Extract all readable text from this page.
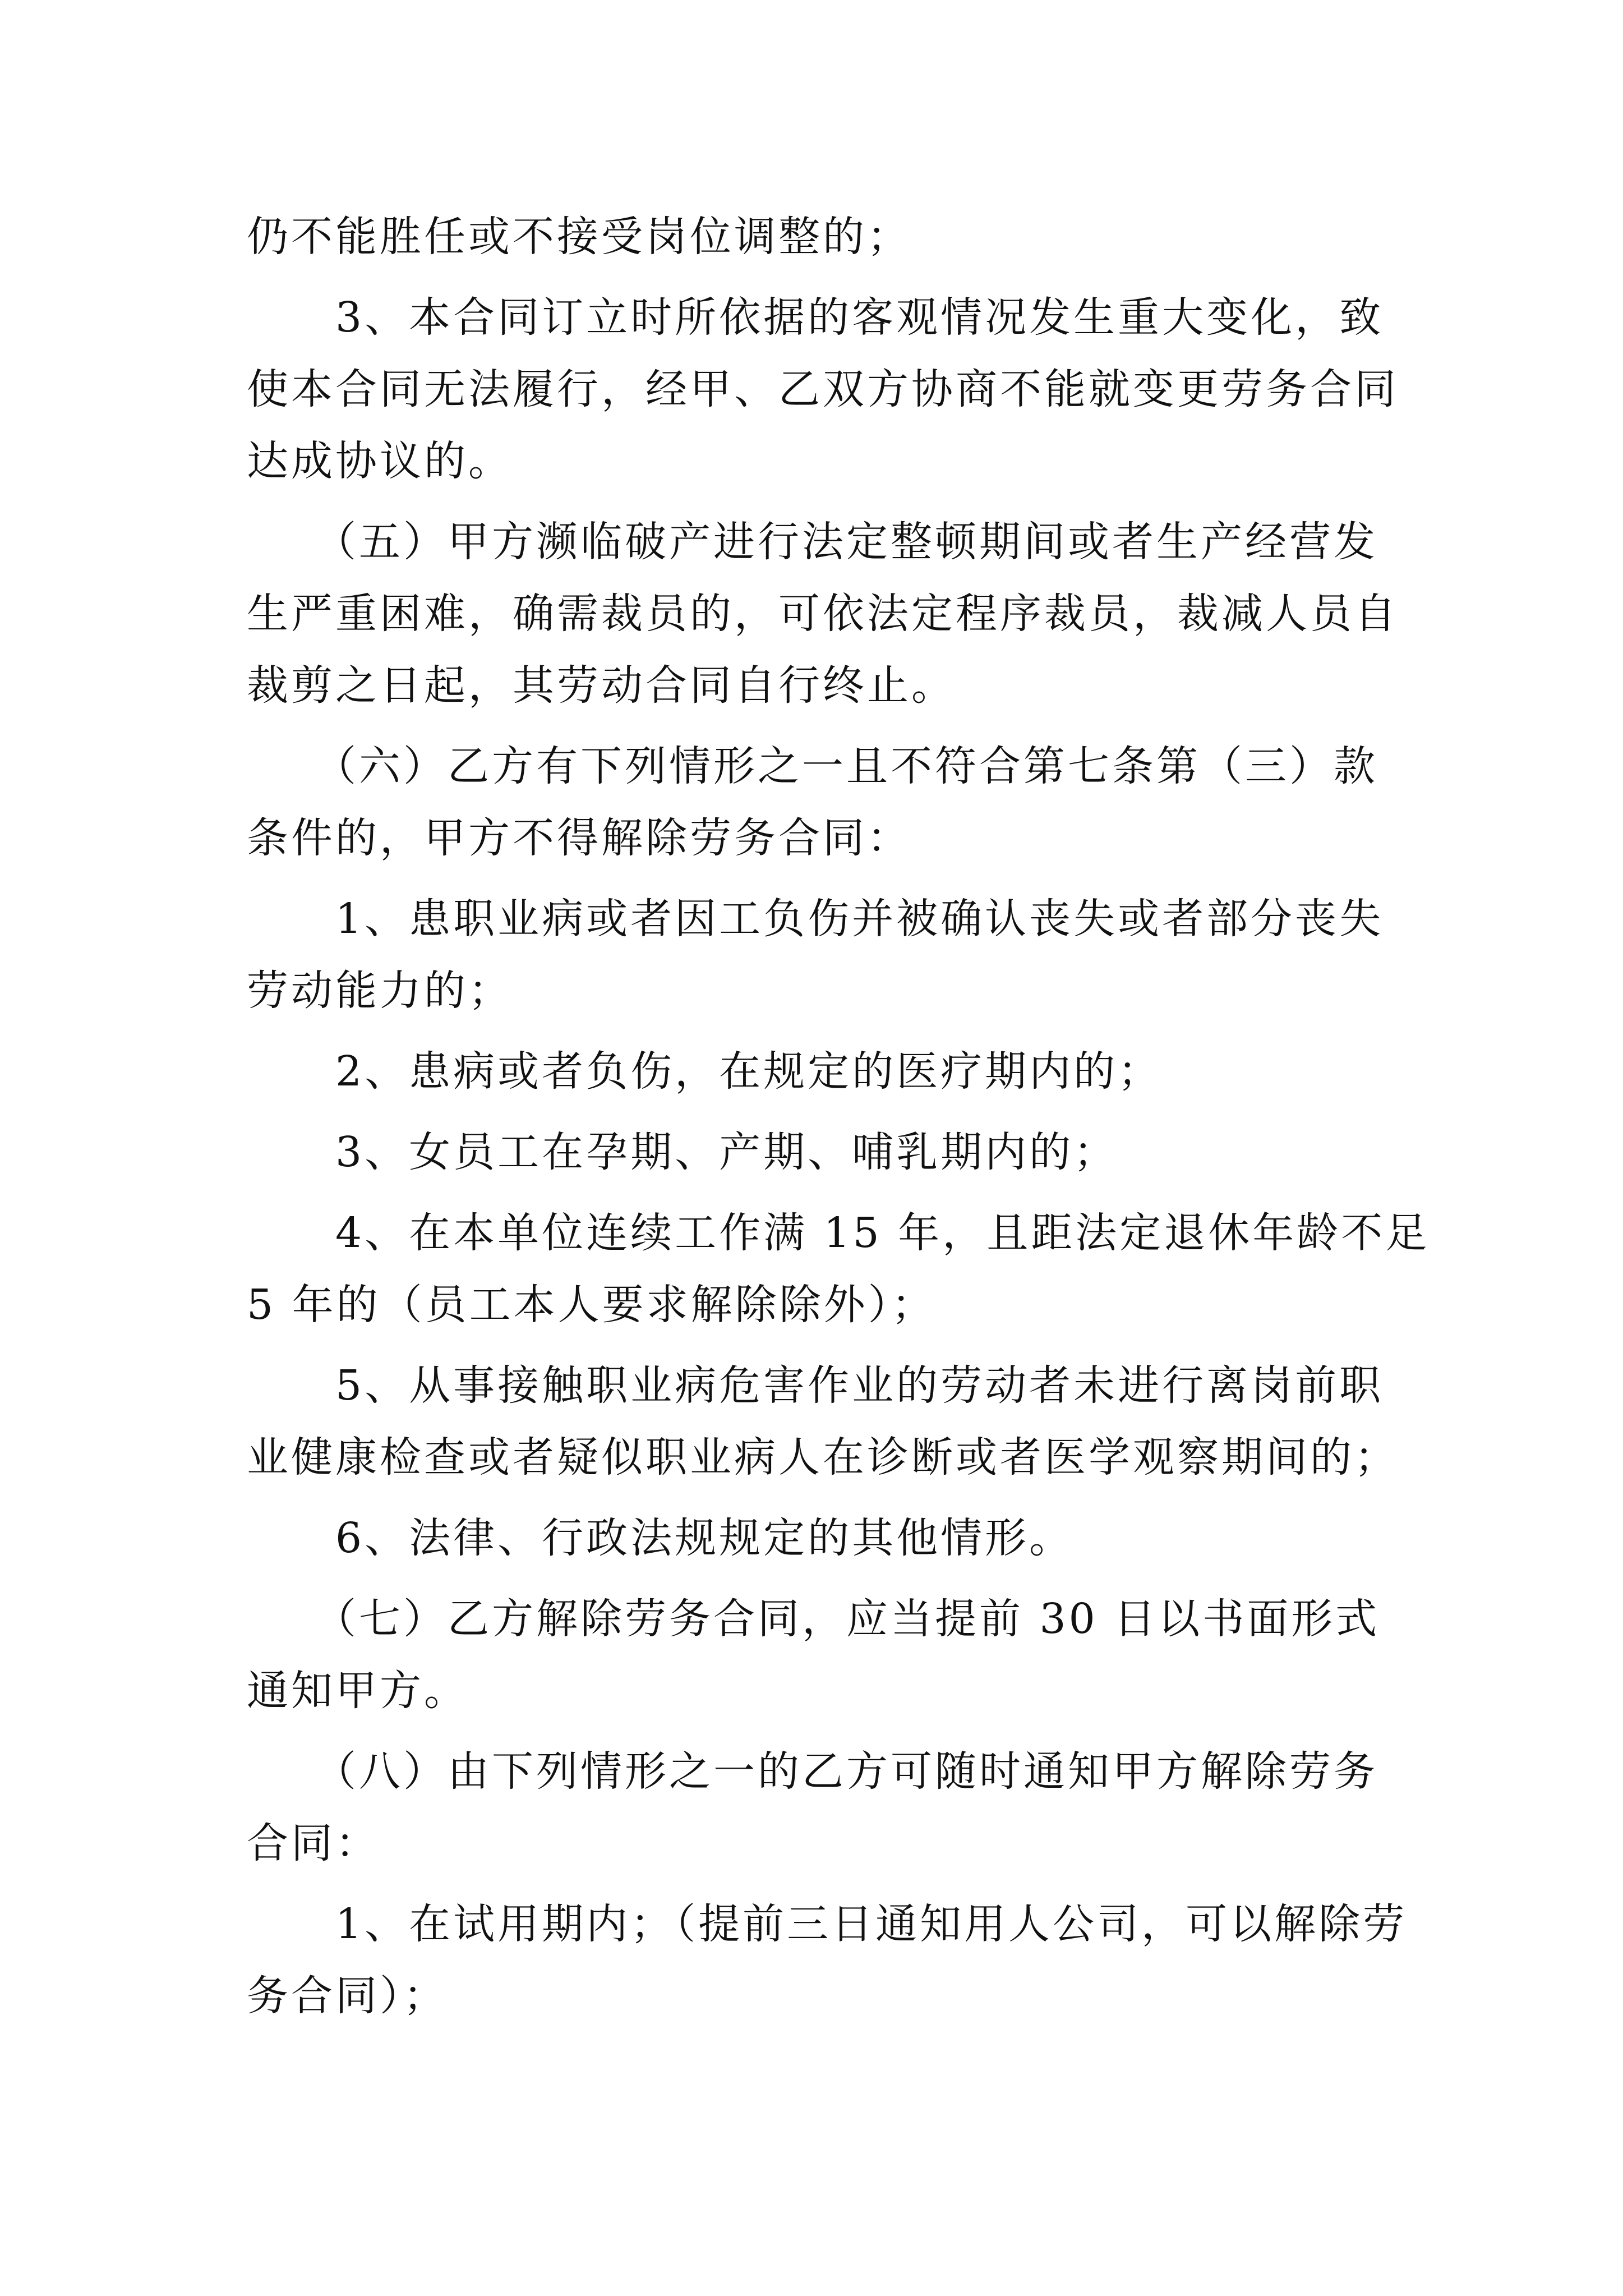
仍不能胜任或不接受岗位调整的；
　　3、本合同订立时所依据的客观情况发生重大变化，致
使本合同无法履行，经甲、乙双方协商不能就变更劳务合同
达成协议的。
　　（五）甲方濒临破产进行法定整顿期间或者生产经营发
生严重困难，确需裁员的，可依法定程序裁员，裁减人员自
裁剪之日起，其劳动合同自行终止。
　　（六）乙方有下列情形之一且不符合第七条第（三）款
条件的，甲方不得解除劳务合同：
　　1、患职业病或者因工负伤并被确认丧失或者部分丧失
劳动能力的；
　　2、患病或者负伤，在规定的医疗期内的；
　　3、女员工在孕期、产期、哺乳期内的；
　　4、在本单位连续工作满 15 年，且距法定退休年龄不足
5 年的（员工本人要求解除除外）；
　　5、从事接触职业病危害作业的劳动者未进行离岗前职
业健康检查或者疑似职业病人在诊断或者医学观察期间的；
　　6、法律、行政法规规定的其他情形。
　　（七）乙方解除劳务合同，应当提前 30 日以书面形式
通知甲方。
　　（八）由下列情形之一的乙方可随时通知甲方解除劳务
合同：
　　1、在试用期内；（提前三日通知用人公司，可以解除劳
务合同）；
